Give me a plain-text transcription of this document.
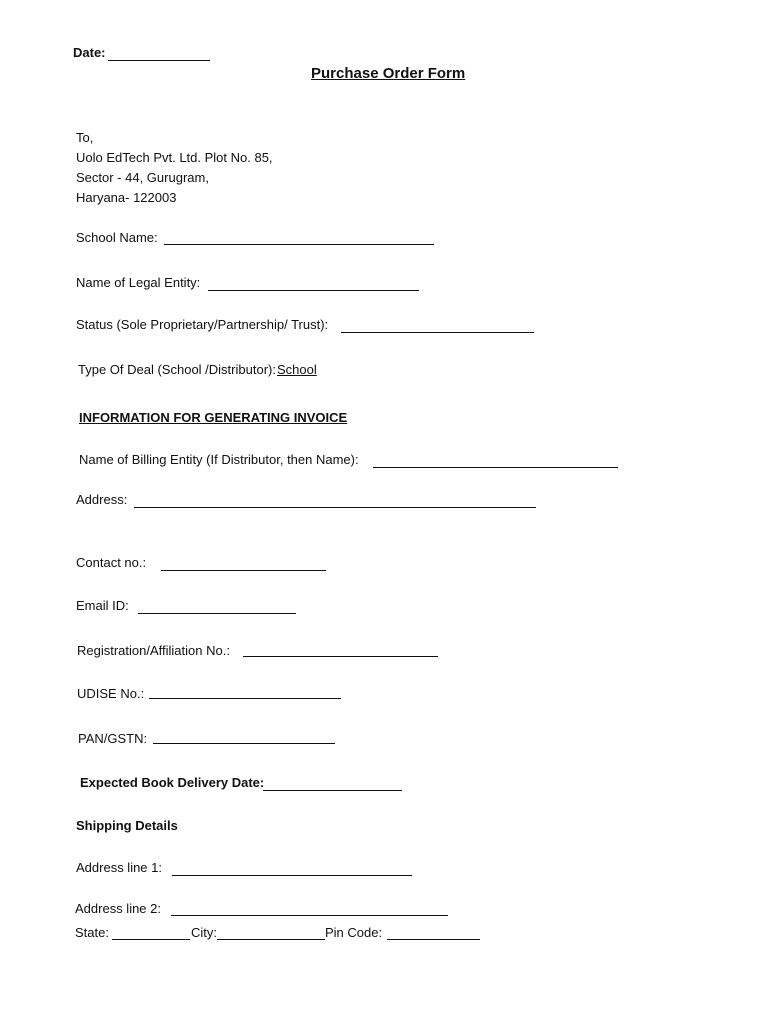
Date:
Purchase Order Form
To,
Uolo EdTech Pvt. Ltd. Plot No. 85,
Sector - 44, Gurugram,
Haryana- 122003
School Name:
Name of Legal Entity:
Status (Sole Proprietary/Partnership/ Trust):
Type Of Deal (School /Distributor): School
INFORMATION FOR GENERATING INVOICE
Name of Billing Entity (If Distributor, then Name):
Address:
Contact no.:
Email ID:
Registration/Affiliation No.:
UDISE No.:
PAN/GSTN:
Expected Book Delivery Date:
Shipping Details
Address line 1:
Address line 2:
State:	City:	Pin Code:
